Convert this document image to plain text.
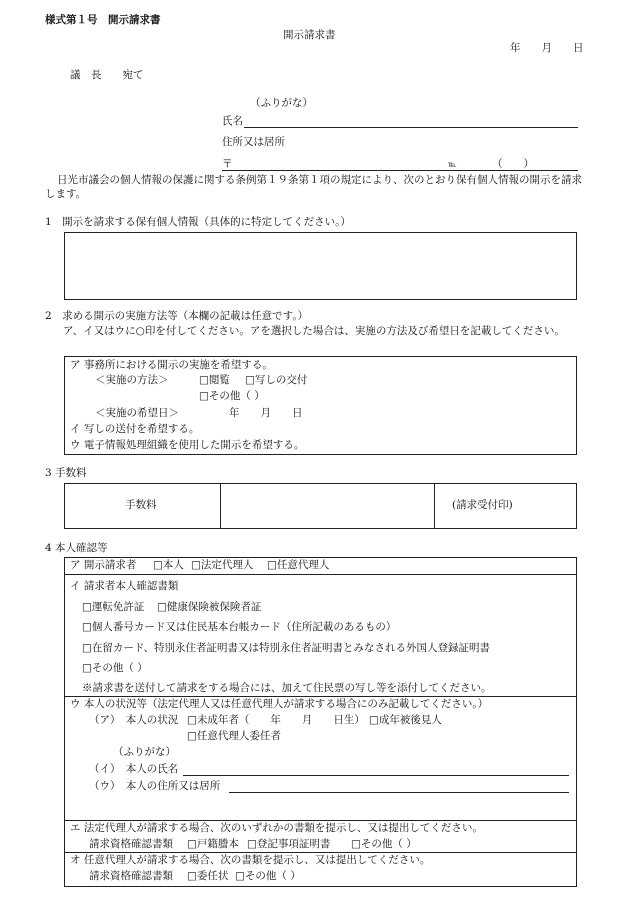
様式第１号　開示請求書
開示請求書
年　　月　　日
議　長　　宛て
（ふりがな）
氏名
住所又は居所
〒	℡	（　　）
日光市議会の個人情報の保護に関する条例第１９条第１項の規定により、次のとおり保有個人情報の開示を請求します。
1　開示を請求する保有個人情報（具体的に特定してください。）
2　求める開示の実施方法等（本欄の記載は任意です。）
ア、イ又はウに○印を付してください。アを選択した場合は、実施の方法及び希望日を記載してください。
ア 事務所における開示の実施を希望する。
＜実施の方法＞ □	閲覧 □	写しの交付
□ その他（ ）
＜実施の希望日＞	年　　月　　日
イ 写しの送付を希望する。
ウ 電子情報処理組織を使用した開示を希望する。
3 手数料
手数料	(請求受付印)
4 本人確認等
ア 開示請求者 □	本人 □	法定代理人 □	任意代理人
イ 請求者本人確認書類
□ 運転免許証 □	健康保険被保険者証
□ 個人番号カード又は住民基本台帳カード（住所記載のあるもの）
□ 在留カード、特別永住者証明書又は特別永住者証明書とみなされる外国人登録証明書
□ その他（ ）
※請求書を送付して請求をする場合には、加えて住民票の写し等を添付してください。
ウ 本人の状況等（法定代理人又は任意代理人が請求する場合にのみ記載してください。）
（ア）　本人の状況 □	未成年者（　　年　　月　　日生） □	成年被後見人
□ 任意代理人委任者
（ふりがな）
（イ）　本人の氏名
（ウ）　本人の住所又は居所
エ 法定代理人が請求する場合、次のいずれかの書類を提示し、又は提出してください。
請求資格確認書類 □	戸籍謄本 □	登記事項証明書 □	その他（ ）
オ 任意代理人が請求する場合、次の書類を提示し、又は提出してください。
請求資格確認書類 □	委任状 □	その他（ ）
